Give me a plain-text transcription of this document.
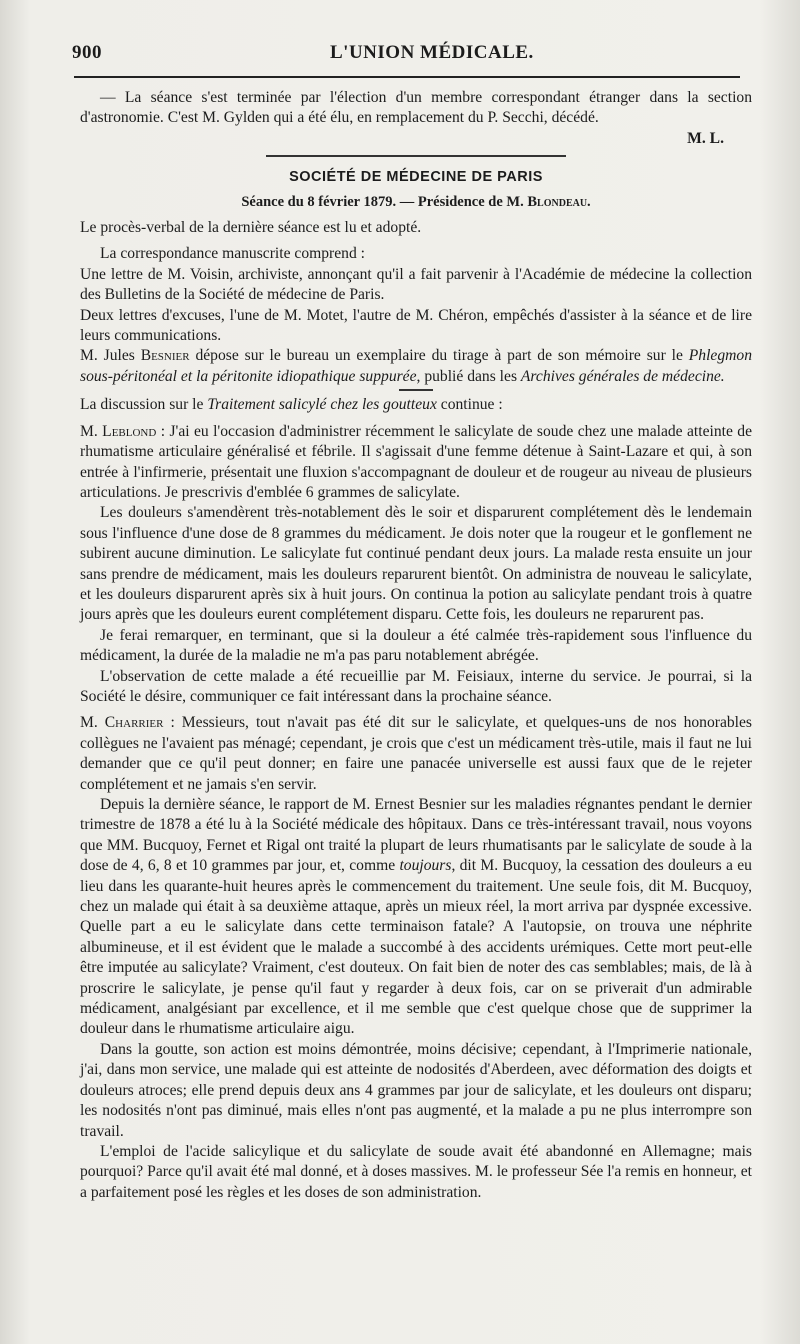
900	L'UNION MÉDICALE.

— La séance s'est terminée par l'élection d'un membre correspondant étranger dans la section d'astronomie. C'est M. Gylden qui a été élu, en remplacement du P. Secchi, décédé.

M. L.
SOCIÉTÉ DE MÉDECINE DE PARIS
Séance du 8 février 1879. — Présidence de M. Blondeau.

Le procès-verbal de la dernière séance est lu et adopté.

La correspondance manuscrite comprend :

Une lettre de M. Voisin, archiviste, annonçant qu'il a fait parvenir à l'Académie de médecine la collection des Bulletins de la Société de médecine de Paris.

Deux lettres d'excuses, l'une de M. Motet, l'autre de M. Chéron, empêchés d'assister à la séance et de lire leurs communications.

M. Jules Besnier dépose sur le bureau un exemplaire du tirage à part de son mémoire sur le Phlegmon sous-péritonéal et la péritonite idiopathique suppurée, publié dans les Archives générales de médecine.

La discussion sur le Traitement salicylé chez les goutteux continue :

M. Leblond : J'ai eu l'occasion d'administrer récemment le salicylate de soude chez une malade atteinte de rhumatisme articulaire généralisé et fébrile. Il s'agissait d'une femme détenue à Saint-Lazare et qui, à son entrée à l'infirmerie, présentait une fluxion s'accompagnant de douleur et de rougeur au niveau de plusieurs articulations. Je prescrivis d'emblée 6 grammes de salicylate.

Les douleurs s'amendèrent très-notablement dès le soir et disparurent complétement dès le lendemain sous l'influence d'une dose de 8 grammes du médicament. Je dois noter que la rougeur et le gonflement ne subirent aucune diminution. Le salicylate fut continué pendant deux jours. La malade resta ensuite un jour sans prendre de médicament, mais les douleurs reparurent bientôt. On administra de nouveau le salicylate, et les douleurs disparurent après six à huit jours. On continua la potion au salicylate pendant trois à quatre jours après que les douleurs eurent complétement disparu. Cette fois, les douleurs ne reparurent pas.

Je ferai remarquer, en terminant, que si la douleur a été calmée très-rapidement sous l'influence du médicament, la durée de la maladie ne m'a pas paru notablement abrégée.

L'observation de cette malade a été recueillie par M. Feisiaux, interne du service. Je pourrai, si la Société le désire, communiquer ce fait intéressant dans la prochaine séance.

M. Charrier : Messieurs, tout n'avait pas été dit sur le salicylate, et quelques-uns de nos honorables collègues ne l'avaient pas ménagé; cependant, je crois que c'est un médicament très-utile, mais il faut ne lui demander que ce qu'il peut donner; en faire une panacée universelle est aussi faux que de le rejeter complétement et ne jamais s'en servir.

Depuis la dernière séance, le rapport de M. Ernest Besnier sur les maladies régnantes pendant le dernier trimestre de 1878 a été lu à la Société médicale des hôpitaux. Dans ce très-intéressant travail, nous voyons que MM. Bucquoy, Fernet et Rigal ont traité la plupart de leurs rhumatisants par le salicylate de soude à la dose de 4, 6, 8 et 10 grammes par jour, et, comme toujours, dit M. Bucquoy, la cessation des douleurs a eu lieu dans les quarante-huit heures après le commencement du traitement. Une seule fois, dit M. Bucquoy, chez un malade qui était à sa deuxième attaque, après un mieux réel, la mort arriva par dyspnée excessive. Quelle part a eu le salicylate dans cette terminaison fatale? A l'autopsie, on trouva une néphrite albumineuse, et il est évident que le malade a succombé à des accidents urémiques. Cette mort peut-elle être imputée au salicylate? Vraiment, c'est douteux. On fait bien de noter des cas semblables; mais, de là à proscrire le salicylate, je pense qu'il faut y regarder à deux fois, car on se priverait d'un admirable médicament, analgésiant par excellence, et il me semble que c'est quelque chose que de supprimer la douleur dans le rhumatisme articulaire aigu.

Dans la goutte, son action est moins démontrée, moins décisive; cependant, à l'Imprimerie nationale, j'ai, dans mon service, une malade qui est atteinte de nodosités d'Aberdeen, avec déformation des doigts et douleurs atroces; elle prend depuis deux ans 4 grammes par jour de salicylate, et les douleurs ont disparu; les nodosités n'ont pas diminué, mais elles n'ont pas augmenté, et la malade a pu ne plus interrompre son travail.

L'emploi de l'acide salicylique et du salicylate de soude avait été abandonné en Allemagne; mais pourquoi? Parce qu'il avait été mal donné, et à doses massives. M. le professeur Sée l'a remis en honneur, et a parfaitement posé les règles et les doses de son administration.
